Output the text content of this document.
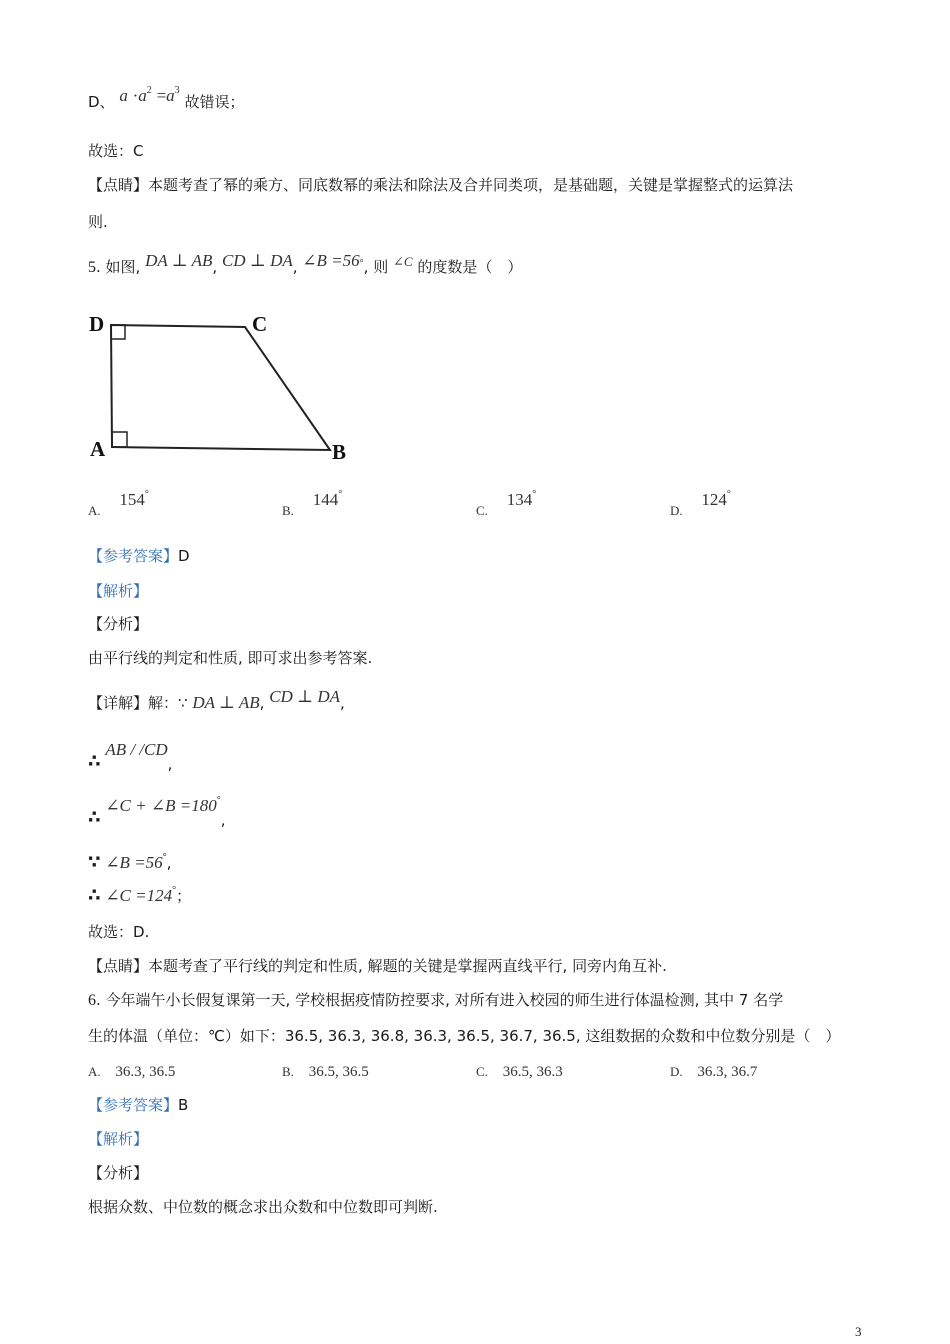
D、 $a \cdot a^2 =a^3$ 故错误；
故选：C
【点睛】本题考查了幂的乘方、同底数幂的乘法和除法及合并同类项，是基础题，关键是掌握整式的运算法
则.
5. 如图, DA ⊥ AB, CD ⊥ DA, ∠B =56°, 则 ∠C 的度数是（　）
D	C
A	B
A. 154°
B. 144°
C. 134°
D. 124°
【参考答案】D
【解析】
【分析】
由平行线的判定和性质, 即可求出参考答案.
【详解】解：∵ DA ⊥ AB, CD ⊥ DA,
∴ AB / /CD,
∴ ∠C + ∠B =180°,
∵ ∠B =56°,
∴ ∠C =124°；
故选：D.
【点睛】本题考查了平行线的判定和性质, 解题的关键是掌握两直线平行, 同旁内角互补.
6. 今年端午小长假复课第一天, 学校根据疫情防控要求, 对所有进入校园的师生进行体温检测, 其中 7 名学
生的体温（单位：℃）如下：36.5, 36.3, 36.8, 36.3, 36.5, 36.7, 36.5, 这组数据的众数和中位数分别是（　）
A. 36.3, 36.5	B. 36.5, 36.5	C. 36.5, 36.3	D. 36.3, 36.7
【参考答案】B
【解析】
【分析】
根据众数、中位数的概念求出众数和中位数即可判断.
3
